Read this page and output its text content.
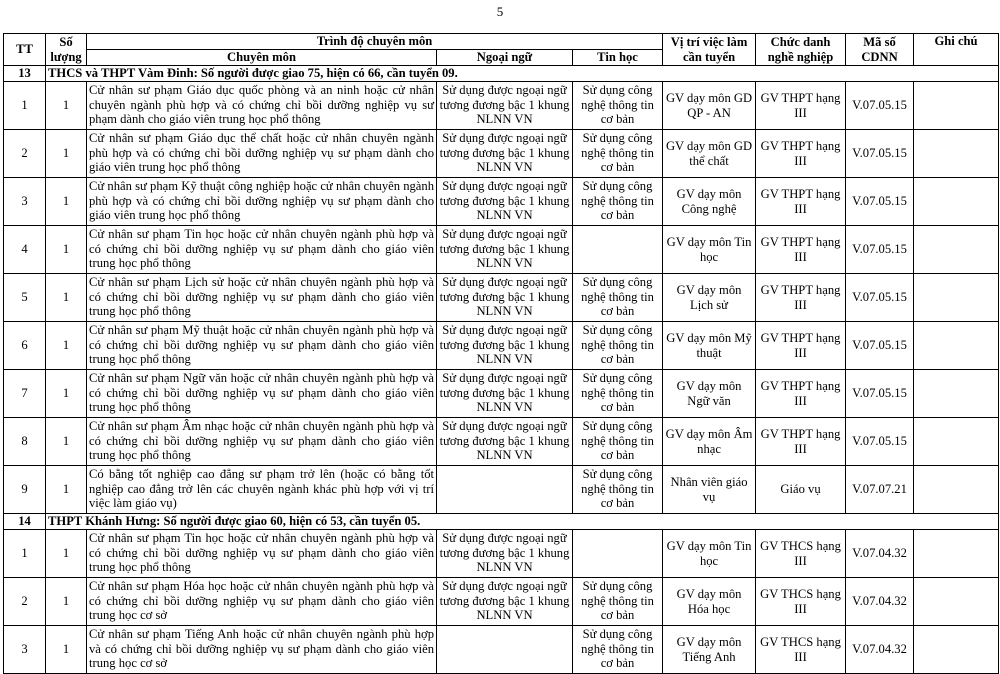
5
TT	Số lượng	Trình độ chuyên môn			Vị trí việc làm cần tuyển	Chức danh nghề nghiệp	Mã số CDNN	Ghi chú
		Chuyên môn	Ngoại ngữ	Tin học				
13	THCS và THPT Vàm Đinh: Số người được giao 75, hiện có 66, cần tuyển 09.							
1	1	Cử nhân sư phạm Giáo dục quốc phòng và an ninh hoặc cử nhân chuyên ngành phù hợp và có chứng chỉ bồi dưỡng nghiệp vụ sư phạm dành cho giáo viên trung học phổ thông	Sử dụng được ngoại ngữ tương đương bậc 1 khung NLNN VN	Sử dụng công nghệ thông tin cơ bản	GV dạy môn GD QP - AN	GV THPT hạng III	V.07.05.15	
2	1	Cử nhân sư phạm Giáo dục thể chất hoặc cử nhân chuyên ngành phù hợp và có chứng chỉ bồi dưỡng nghiệp vụ sư phạm dành cho giáo viên trung học phổ thông	Sử dụng được ngoại ngữ tương đương bậc 1 khung NLNN VN	Sử dụng công nghệ thông tin cơ bản	GV dạy môn GD thể chất	GV THPT hạng III	V.07.05.15	
3	1	Cử nhân sư phạm Kỹ thuật công nghiệp hoặc cử nhân chuyên ngành phù hợp và có chứng chỉ bồi dưỡng nghiệp vụ sư phạm dành cho giáo viên trung học phổ thông	Sử dụng được ngoại ngữ tương đương bậc 1 khung NLNN VN	Sử dụng công nghệ thông tin cơ bản	GV dạy môn Công nghệ	GV THPT hạng III	V.07.05.15	
4	1	Cử nhân sư phạm Tin học hoặc cử nhân chuyên ngành phù hợp và có chứng chỉ bồi dưỡng nghiệp vụ sư phạm dành cho giáo viên trung học phổ thông	Sử dụng được ngoại ngữ tương đương bậc 1 khung NLNN VN		GV dạy môn Tin học	GV THPT hạng III	V.07.05.15	
5	1	Cử nhân sư phạm Lịch sử hoặc cử nhân chuyên ngành phù hợp và có chứng chỉ bồi dưỡng nghiệp vụ sư phạm dành cho giáo viên trung học phổ thông	Sử dụng được ngoại ngữ tương đương bậc 1 khung NLNN VN	Sử dụng công nghệ thông tin cơ bản	GV dạy môn Lịch sử	GV THPT hạng III	V.07.05.15	
6	1	Cử nhân sư phạm Mỹ thuật hoặc cử nhân chuyên ngành phù hợp và có chứng chỉ bồi dưỡng nghiệp vụ sư phạm dành cho giáo viên trung học phổ thông	Sử dụng được ngoại ngữ tương đương bậc 1 khung NLNN VN	Sử dụng công nghệ thông tin cơ bản	GV dạy môn Mỹ thuật	GV THPT hạng III	V.07.05.15	
7	1	Cử nhân sư phạm Ngữ văn hoặc cử nhân chuyên ngành phù hợp và có chứng chỉ bồi dưỡng nghiệp vụ sư phạm dành cho giáo viên trung học phổ thông	Sử dụng được ngoại ngữ tương đương bậc 1 khung NLNN VN	Sử dụng công nghệ thông tin cơ bản	GV dạy môn Ngữ văn	GV THPT hạng III	V.07.05.15	
8	1	Cử nhân sư phạm Âm nhạc hoặc cử nhân chuyên ngành phù hợp và có chứng chỉ bồi dưỡng nghiệp vụ sư phạm dành cho giáo viên trung học phổ thông	Sử dụng được ngoại ngữ tương đương bậc 1 khung NLNN VN	Sử dụng công nghệ thông tin cơ bản	GV dạy môn Âm nhạc	GV THPT hạng III	V.07.05.15	
9	1	Có bằng tốt nghiệp cao đẳng sư phạm trở lên (hoặc có bằng tốt nghiệp cao đẳng trở lên các chuyên ngành khác phù hợp với vị trí việc làm giáo vụ)		Sử dụng công nghệ thông tin cơ bản	Nhân viên giáo vụ	Giáo vụ	V.07.07.21	
14	THPT Khánh Hưng: Số người được giao 60, hiện có 53, cần tuyển 05.							
1	1	Cử nhân sư phạm Tin học hoặc cử nhân chuyên ngành phù hợp và có chứng chỉ bồi dưỡng nghiệp vụ sư phạm dành cho giáo viên trung học phổ thông	Sử dụng được ngoại ngữ tương đương bậc 1 khung NLNN VN		GV dạy môn Tin học	GV THCS hạng III	V.07.04.32	
2	1	Cử nhân sư phạm Hóa học hoặc cử nhân chuyên ngành phù hợp và có chứng chỉ bồi dưỡng nghiệp vụ sư phạm dành cho giáo viên trung học cơ sở	Sử dụng được ngoại ngữ tương đương bậc 1 khung NLNN VN	Sử dụng công nghệ thông tin cơ bản	GV dạy môn Hóa học	GV THCS hạng III	V.07.04.32	
3	1	Cử nhân sư phạm Tiếng Anh hoặc cử nhân chuyên ngành phù hợp và có chứng chỉ bồi dưỡng nghiệp vụ sư phạm dành cho giáo viên trung học cơ sở		Sử dụng công nghệ thông tin cơ bản	GV dạy môn Tiếng Anh	GV THCS hạng III	V.07.04.32	
